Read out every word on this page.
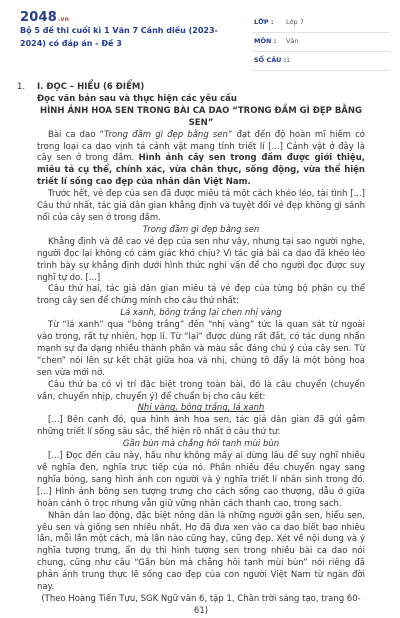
2048.vn
Bộ 5 đề thi cuối kì 1 Văn 7 Cánh diều (2023-2024) có đáp án - Đề 3
LỚP : Lớp 7
MÔN : Văn
SỐ CÂU : 1
1. I. ĐỌC – HIỂU (6 ĐIỂM)

Đọc văn bản sau và thực hiện các yêu cầu

HÌNH ẢNH HOA SEN TRONG BÀI CA DAO “TRONG ĐẦM GÌ ĐẸP BẰNG SEN”

Bài ca dao “Trong đầm gì đẹp bằng sen” đạt đến độ hoàn mĩ hiếm có trong loại ca dao vịnh tả cảnh vật mang tính triết lí [...] Cảnh vật ở đây là cây sen ở trong đầm. Hình ảnh cây sen trong đầm được giới thiệu, miêu tả cụ thể, chính xác, vừa chân thực, sống động, vừa thể hiện triết lí sống cao đẹp của nhân dân Việt Nam.

Trước hết, vẻ đẹp của sen đã được miêu tả một cách khéo léo, tài tình [...] Câu thứ nhất, tác giả dân gian khẳng định và tuyệt đối vẻ đẹp không gì sánh nổi của cây sen ở trong đầm.

Trong đầm gì đẹp bằng sen

Khẳng định và đề cao vẻ đẹp của sen như vậy, nhưng tại sao người nghe, người đọc lại không có cảm giác khó chịu? Vì tác giả bài ca dao đã khéo léo trình bày sự khẳng định dưới hình thức nghi vấn để cho người đọc được suy nghĩ tự do. [...]

Câu thứ hai, tác giả dân gian miêu tả vẻ đẹp của từng bộ phận cụ thể trong cây sen để chứng minh cho câu thứ nhất:

Lá xanh, bông trắng lại chen nhị vàng

Từ “lá xanh” qua “bông trắng” đến “nhị vàng” tức là quan sát từ ngoài vào trong, rất tự nhiên, hợp lí. Từ “lại” được dùng rất đắt, có tác dụng nhấn mạnh sự đa dạng nhiều thành phần và màu sắc đáng chú ý của cây sen. Từ “chen” nói lên sự kết chặt giữa hoa và nhị, chúng tô đẩy là một bông hoa sen vừa mới nở.

Câu thứ ba có vị trí đặc biệt trong toàn bài, đó là câu chuyển (chuyển vần, chuyển nhịp, chuyển ý) để chuẩn bị cho câu kết:

Nhị vàng, bông trắng, lá xanh

[...] Bên cạnh đó, qua hình ảnh hoa sen, tác giả dân gian đã gửi gắm những triết lí sống sâu sắc, thể hiện rõ nhất ở câu thứ tư:

Gần bùn mà chẳng hôi tanh mùi bùn

[...] Đọc đến câu này, hầu như không mấy ai dừng lâu để suy nghĩ nhiều về nghĩa đen, nghĩa trực tiếp của nó. Phần nhiều đều chuyển ngay sang nghĩa bóng, sang hình ảnh con người và ý nghĩa triết lí nhân sinh trong đó. [...] Hình ảnh bông sen tượng trưng cho cách sống cao thượng, dẫu ở giữa hoàn cảnh ô trọc nhưng vẫn giữ vững nhân cách thanh cao, trong sạch.

Nhân dân lao động, đặc biệt nông dân là những người gần sen, hiểu sen, yêu sen và giống sen nhiều nhất. Họ đã đưa xen vào ca dao biết bao nhiêu lần, mỗi lần một cách, mà lần nào cũng hay, cũng đẹp. Xét về nội dung và ý nghĩa tượng trưng, ẩn dụ thì hình tượng sen trong nhiều bài ca dao nói chung, cũng như câu “Gần bùn mà chẳng hôi tanh mùi bùn” nói riêng đã phản ánh trung thực lẽ sống cao đẹp của con người Việt Nam từ ngàn đời nay.

(Theo Hoàng Tiến Tựu, SGK Ngữ văn 6, tập 1, Chân trời sáng tạo, trang 60-61)
